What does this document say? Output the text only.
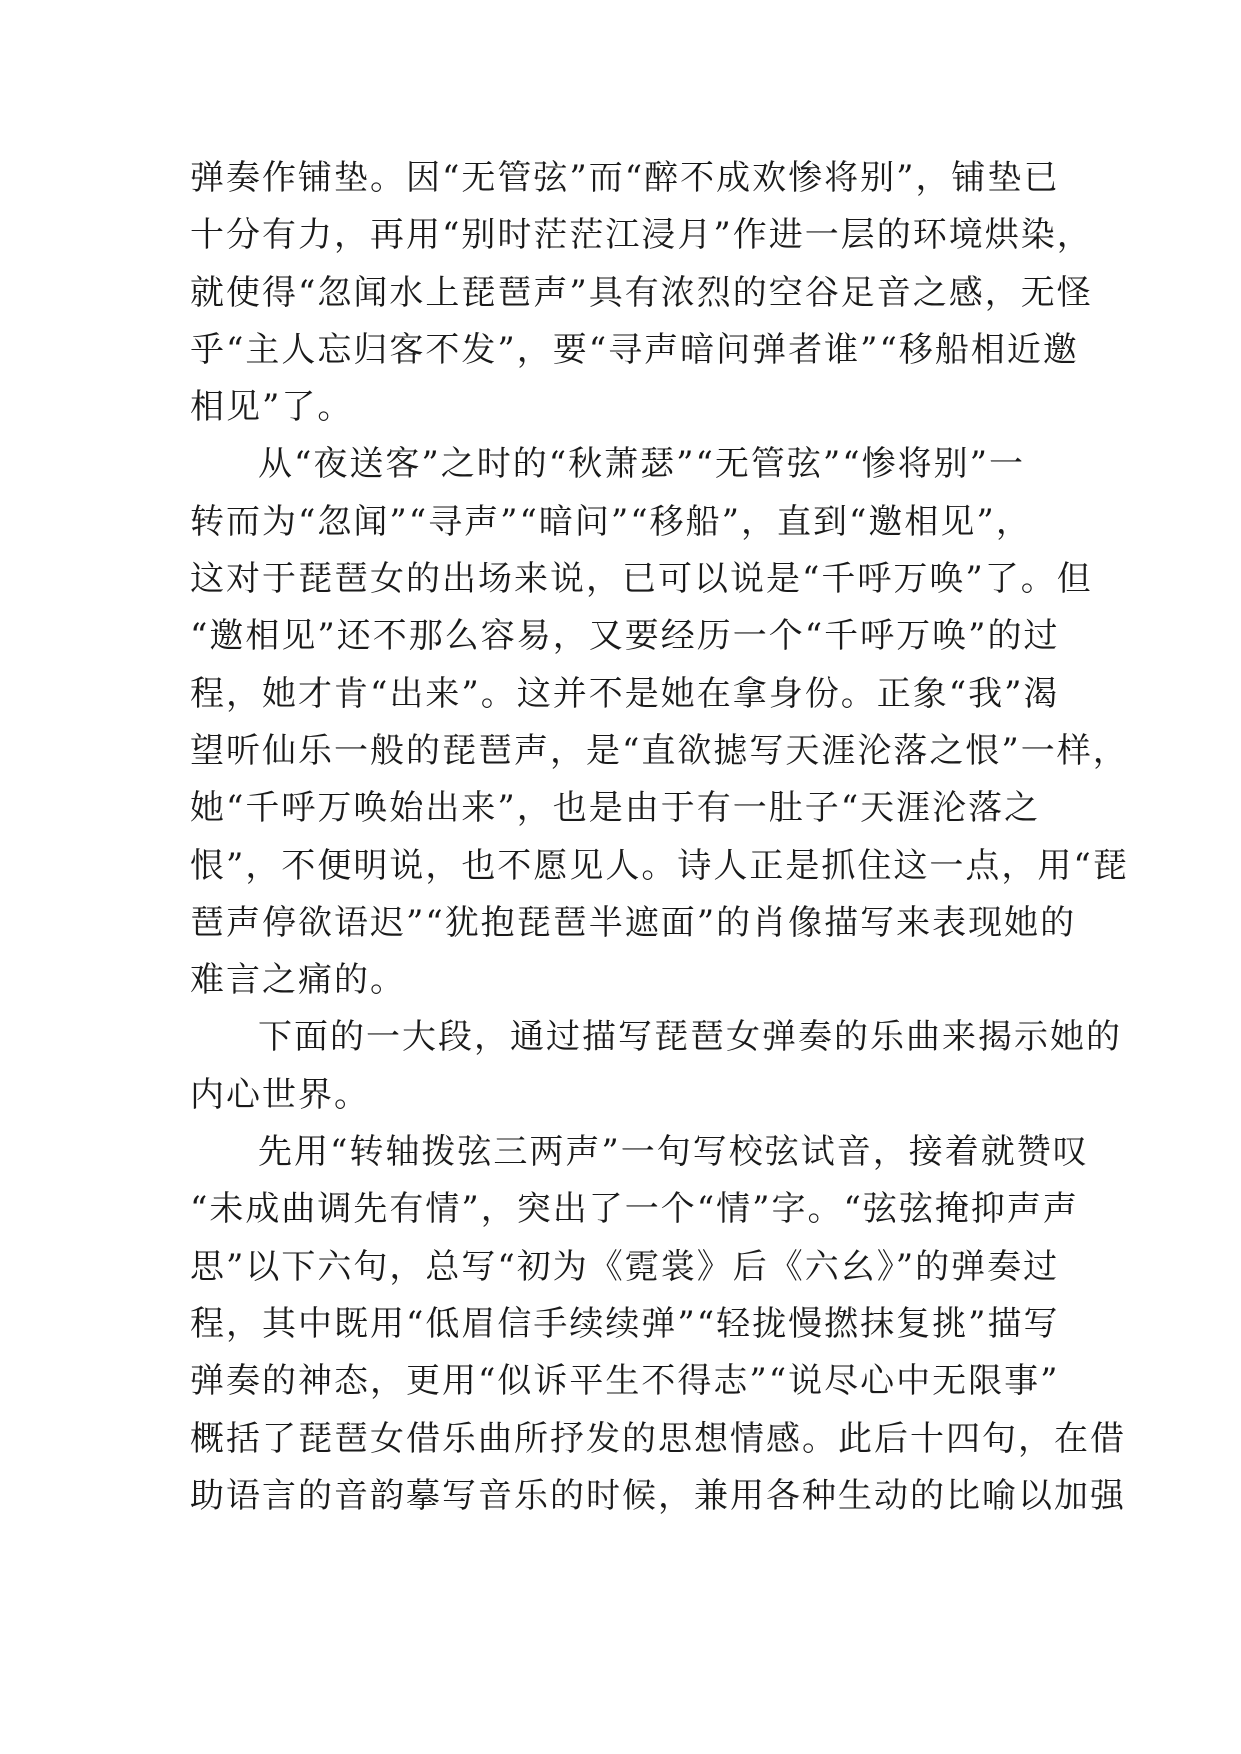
弹奏作铺垫。因“无管弦”而“醉不成欢惨将别”，铺垫已
十分有力，再用“别时茫茫江浸月”作进一层的环境烘染，
就使得“忽闻水上琵琶声”具有浓烈的空谷足音之感，无怪
乎“主人忘归客不发”，要“寻声暗问弹者谁”“移船相近邀
相见”了。
从“夜送客”之时的“秋萧瑟”“无管弦”“惨将别”一
转而为“忽闻”“寻声”“暗问”“移船”，直到“邀相见”，
这对于琵琶女的出场来说，已可以说是“千呼万唤”了。但
“邀相见”还不那么容易，又要经历一个“千呼万唤”的过
程，她才肯“出来”。这并不是她在拿身份。正象“我”渴
望听仙乐一般的琵琶声，是“直欲摅写天涯沦落之恨”一样，
她“千呼万唤始出来”，也是由于有一肚子“天涯沦落之
恨”，不便明说，也不愿见人。诗人正是抓住这一点，用“琵
琶声停欲语迟”“犹抱琵琶半遮面”的肖像描写来表现她的
难言之痛的。
下面的一大段，通过描写琵琶女弹奏的乐曲来揭示她的
内心世界。
先用“转轴拨弦三两声”一句写校弦试音，接着就赞叹
“未成曲调先有情”，突出了一个“情”字。“弦弦掩抑声声
思”以下六句，总写“初为《霓裳》后《六幺》”的弹奏过
程，其中既用“低眉信手续续弹”“轻拢慢撚抹复挑”描写
弹奏的神态，更用“似诉平生不得志”“说尽心中无限事”
概括了琵琶女借乐曲所抒发的思想情感。此后十四句，在借
助语言的音韵摹写音乐的时候，兼用各种生动的比喻以加强
